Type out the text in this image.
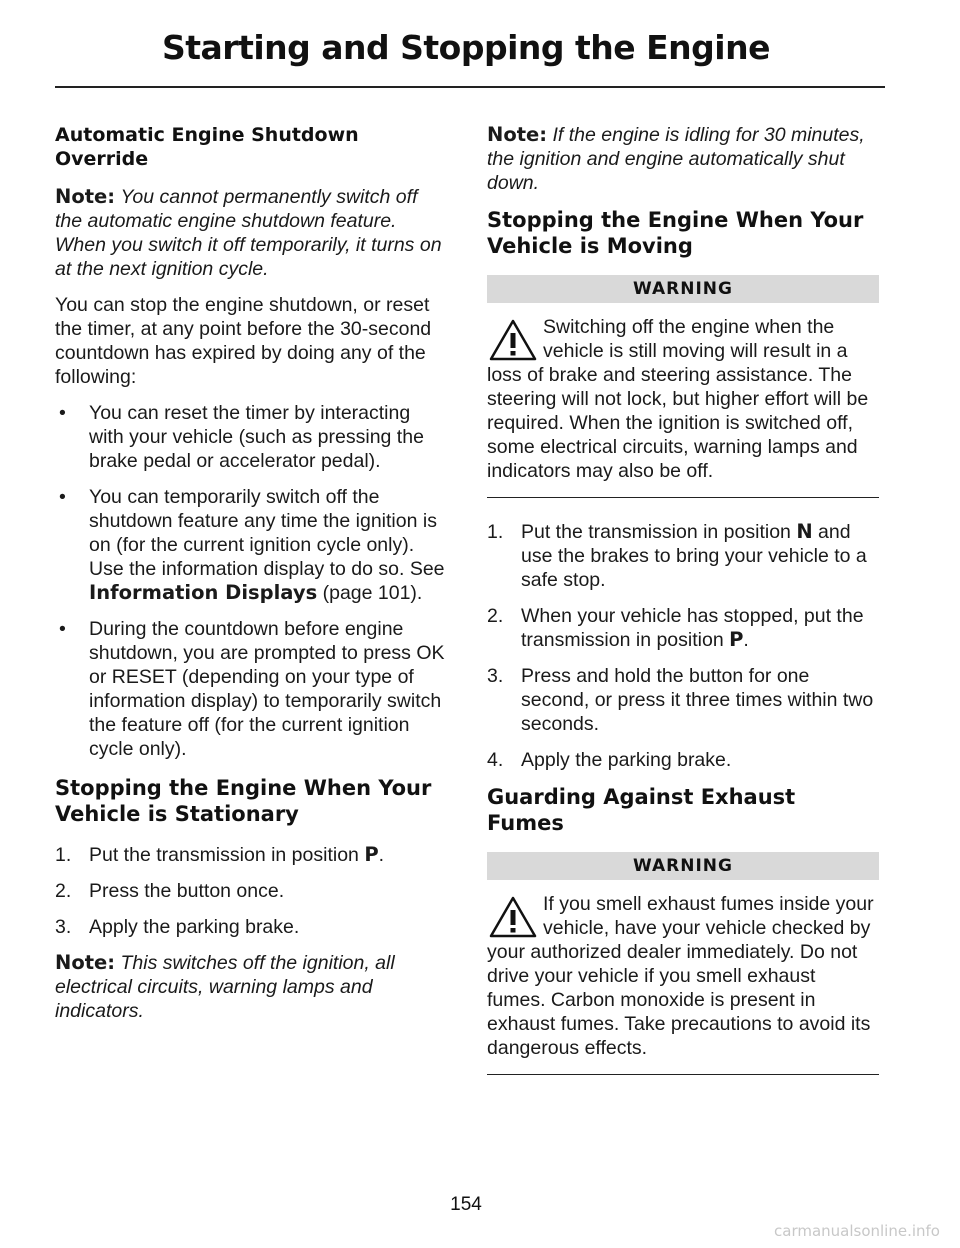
Starting and Stopping the Engine
Automatic Engine Shutdown Override

Note: You cannot permanently switch off the automatic engine shutdown feature. When you switch it off temporarily, it turns on at the next ignition cycle.

You can stop the engine shutdown, or reset the timer, at any point before the 30-second countdown has expired by doing any of the following:

• You can reset the timer by interacting with your vehicle (such as pressing the brake pedal or accelerator pedal).
• You can temporarily switch off the shutdown feature any time the ignition is on (for the current ignition cycle only). Use the information display to do so. See Information Displays (page 101).
• During the countdown before engine shutdown, you are prompted to press OK or RESET (depending on your type of information display) to temporarily switch the feature off (for the current ignition cycle only).
Stopping the Engine When Your Vehicle is Stationary
1. Put the transmission in position P.
2. Press the button once.
3. Apply the parking brake.

Note: This switches off the ignition, all electrical circuits, warning lamps and indicators.

Note: If the engine is idling for 30 minutes, the ignition and engine automatically shut down.

Stopping the Engine When Your Vehicle is Moving
WARNING

Switching off the engine when the vehicle is still moving will result in a loss of brake and steering assistance. The steering will not lock, but higher effort will be required. When the ignition is switched off, some electrical circuits, warning lamps and indicators may also be off.

1. Put the transmission in position N and use the brakes to bring your vehicle to a safe stop.
2. When your vehicle has stopped, put the transmission in position P.
3. Press and hold the button for one second, or press it three times within two seconds.
4. Apply the parking brake.
Guarding Against Exhaust Fumes
WARNING

If you smell exhaust fumes inside your vehicle, have your vehicle checked by your authorized dealer immediately. Do not drive your vehicle if you smell exhaust fumes. Carbon monoxide is present in exhaust fumes. Take precautions to avoid its dangerous effects.

154
carmanualsonline.info
